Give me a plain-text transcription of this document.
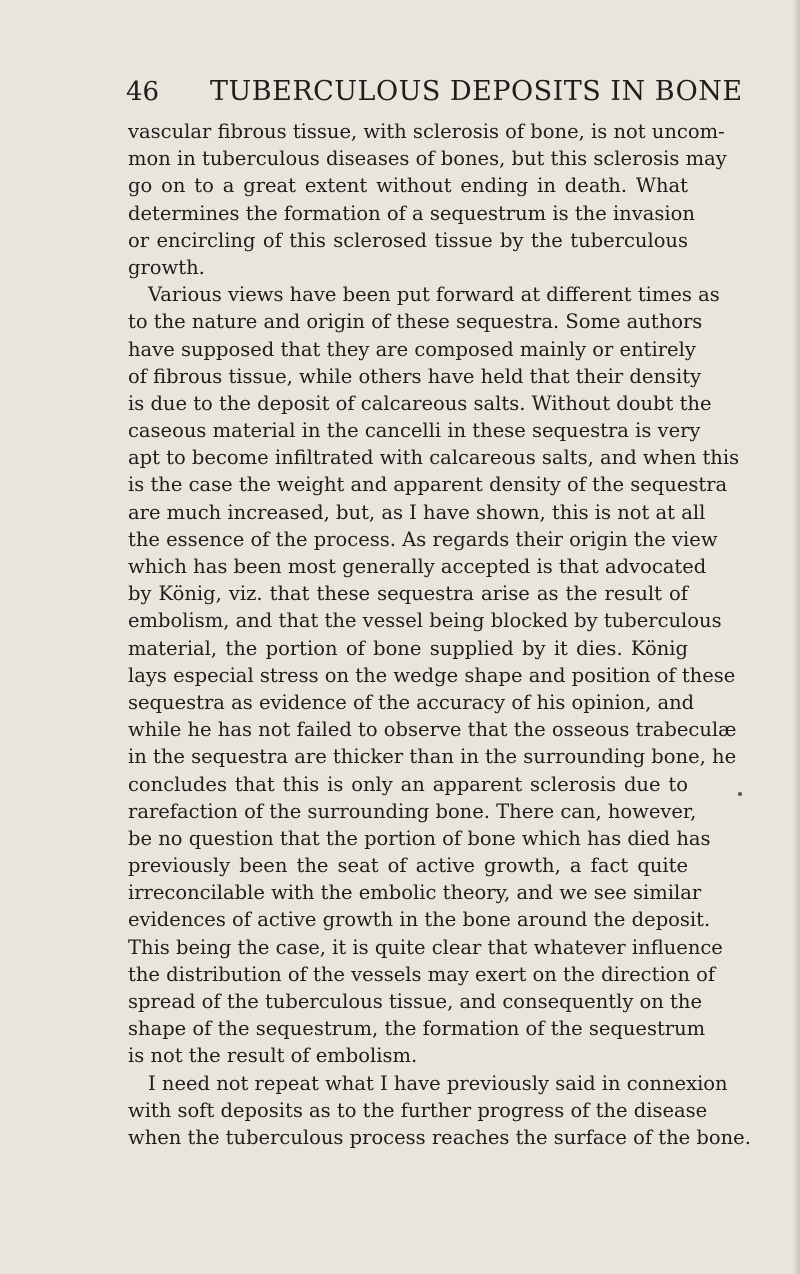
46 TUBERCULOUS DEPOSITS IN BONE
vascular fibrous tissue, with sclerosis of bone, is not uncom-
mon in tuberculous diseases of bones, but this sclerosis may
go on to a great extent without ending in death. What
determines the formation of a sequestrum is the invasion
or encircling of this sclerosed tissue by the tuberculous
growth.
Various views have been put forward at different times as
to the nature and origin of these sequestra. Some authors
have supposed that they are composed mainly or entirely
of fibrous tissue, while others have held that their density
is due to the deposit of calcareous salts. Without doubt the
caseous material in the cancelli in these sequestra is very
apt to become infiltrated with calcareous salts, and when this
is the case the weight and apparent density of the sequestra
are much increased, but, as I have shown, this is not at all
the essence of the process. As regards their origin the view
which has been most generally accepted is that advocated
by König, viz. that these sequestra arise as the result of
embolism, and that the vessel being blocked by tuberculous
material, the portion of bone supplied by it dies. König
lays especial stress on the wedge shape and position of these
sequestra as evidence of the accuracy of his opinion, and
while he has not failed to observe that the osseous trabeculæ
in the sequestra are thicker than in the surrounding bone, he
concludes that this is only an apparent sclerosis due to
rarefaction of the surrounding bone. There can, however,
be no question that the portion of bone which has died has
previously been the seat of active growth, a fact quite
irreconcilable with the embolic theory, and we see similar
evidences of active growth in the bone around the deposit.
This being the case, it is quite clear that whatever influence
the distribution of the vessels may exert on the direction of
spread of the tuberculous tissue, and consequently on the
shape of the sequestrum, the formation of the sequestrum
is not the result of embolism.
I need not repeat what I have previously said in connexion
with soft deposits as to the further progress of the disease
when the tuberculous process reaches the surface of the bone.
